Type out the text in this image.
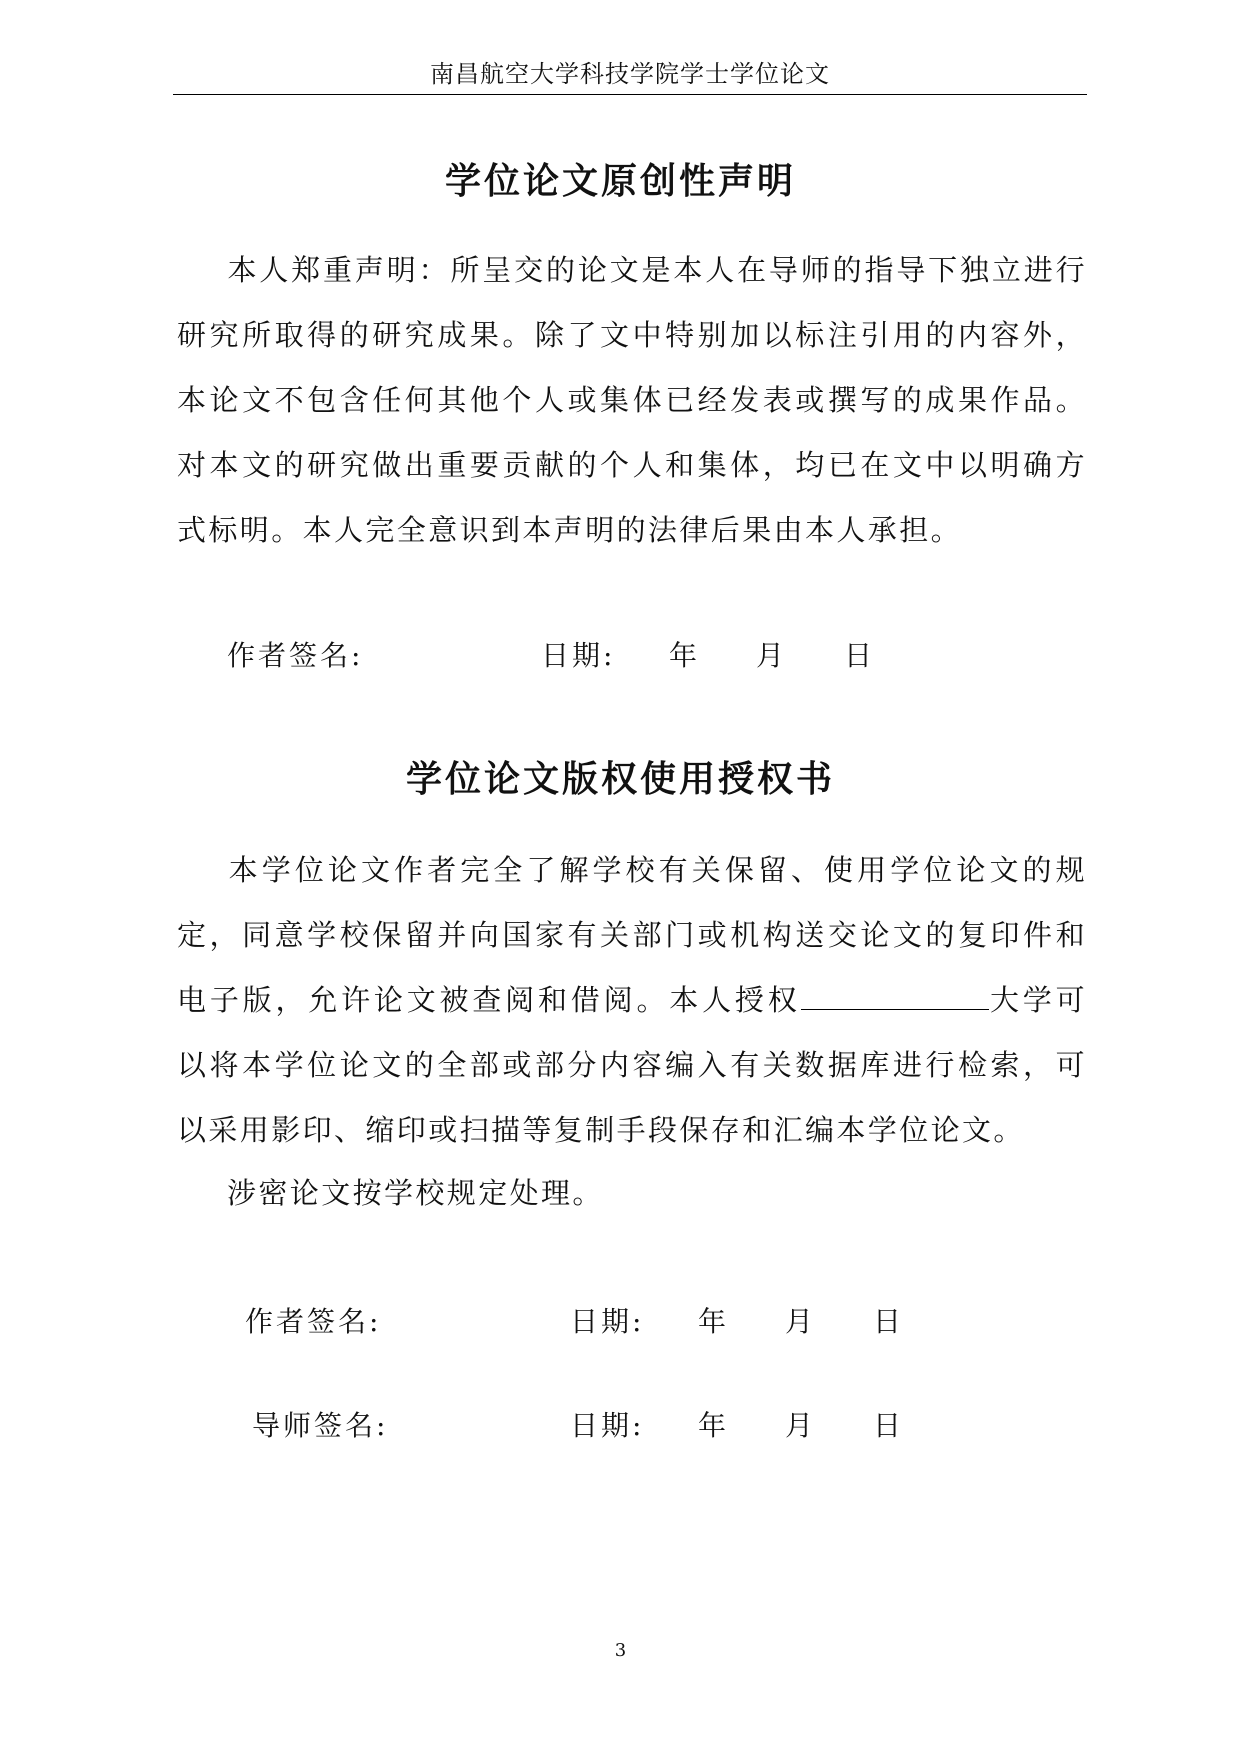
南昌航空大学科技学院学士学位论文
学位论文原创性声明

本人郑重声明：所呈交的论文是本人在导师的指导下独立进行研究所取得的研究成果。除了文中特别加以标注引用的内容外，本论文不包含任何其他个人或集体已经发表或撰写的成果作品。对本文的研究做出重要贡献的个人和集体，均已在文中以明确方式标明。本人完全意识到本声明的法律后果由本人承担。

作者签名:	日期: 年 月 日
学位论文版权使用授权书

本学位论文作者完全了解学校有关保留、使用学位论文的规定，同意学校保留并向国家有关部门或机构送交论文的复印件和电子版，允许论文被查阅和借阅。本人授权	大学可以将本学位论文的全部或部分内容编入有关数据库进行检索，可以采用影印、缩印或扫描等复制手段保存和汇编本学位论文。

涉密论文按学校规定处理。

作者签名:	日期: 年 月 日
导师签名:	日期: 年 月 日
3
